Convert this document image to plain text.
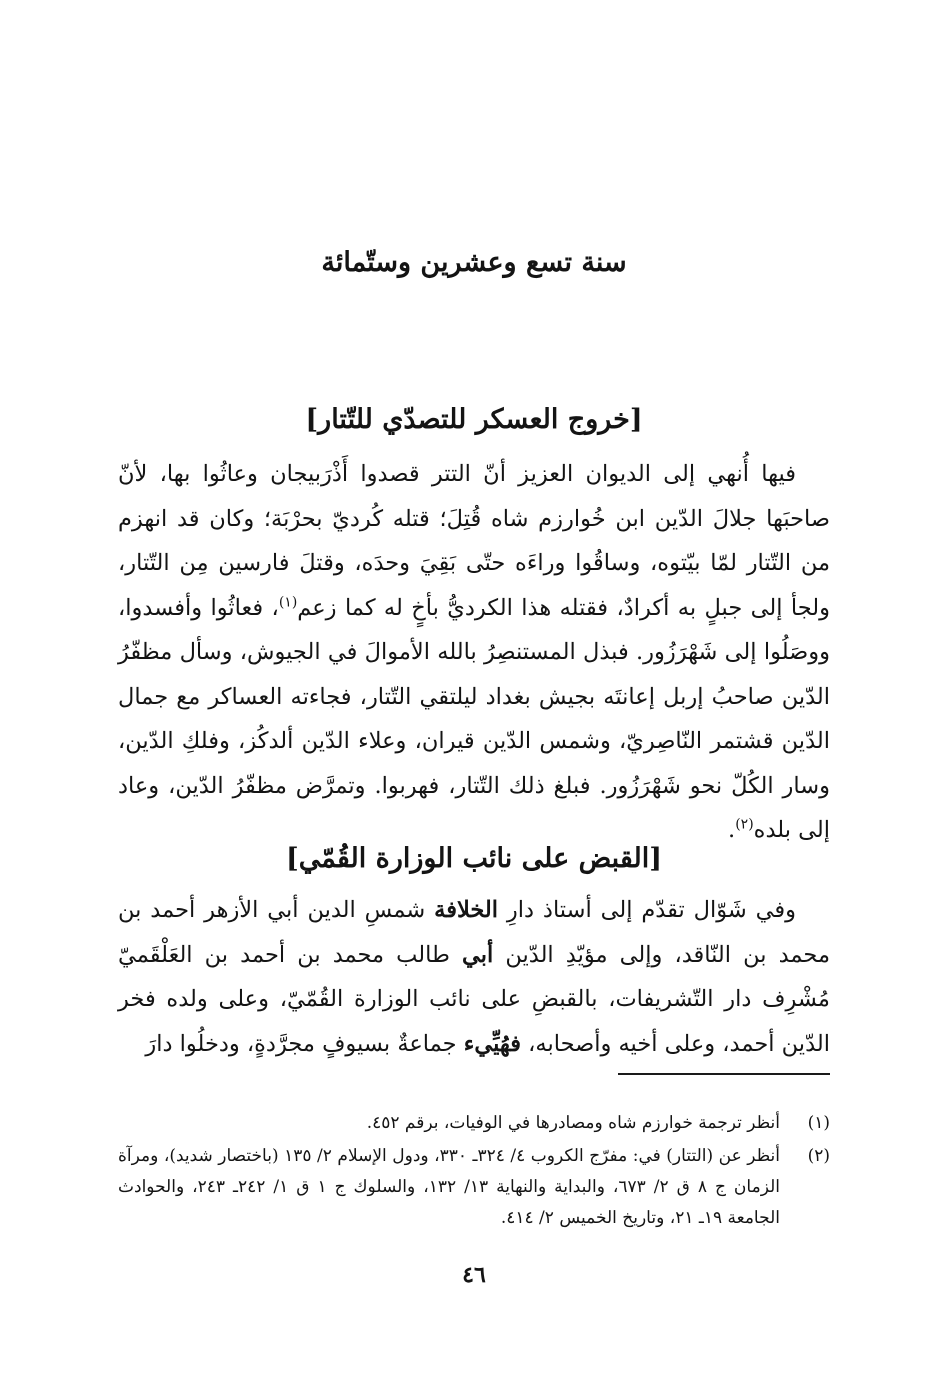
سنة تسع وعشرين وستّمائة
[خروج العسكر للتصدّي للتّتار]

فيها أُنهي إلى الديوان العزيز أنّ التتر قصدوا أَذْرَبيجان وعاثُوا بها، لأنّ صاحبَها جلالَ الدّين ابن خُوارزم شاه قُتِلَ؛ قتله كُرديّ بحرْبَة؛ وكان قد انهزم من التّتار لمّا بيّتوه، وساقُوا وراءَه حتّى بَقِيَ وحدَه، وقتلَ فارسين مِن التّتار، ولجأ إلى جبلٍ به أكرادٌ، فقتله هذا الكرديُّ بأخٍ له كما زعم$^{(١)}$، فعاثُوا وأفسدوا، ووصَلُوا إلى شَهْرَزُور. فبذل المستنصِرُ بالله الأموالَ في الجيوش، وسأل مظفّرُ الدّين صاحبُ إربل إعانتَه بجيش بغداد ليلتقي التّتار، فجاءته العساكر مع جمال الدّين قشتمر النّاصِريّ، وشمس الدّين قيران، وعلاء الدّين ألدكُز، وفلكِ الدّين، وسار الكُلّ نحو شَهْرَزُور. فبلغ ذلك التّتار، فهربوا. وتمرَّض مظفّرُ الدّين، وعاد إلى بلده$^{(٢)}$.

[القبض على نائب الوزارة القُمّي]

وفي شَوّال تقدّم إلى أستاذ دارِ الخلافة شمسِ الدين أبي الأزهر أحمد بن محمد بن النّاقد، وإلى مؤيّدِ الدّين أبي طالب محمد بن أحمد بن العَلْقَميّ مُشْرِف دار التّشريفات، بالقبضِ على نائب الوزارة القُمّيّ، وعلى ولده فخر الدّين أحمد، وعلى أخيه وأصحابه، فهُيِّيء جماعةٌ بسيوفٍ مجرَّدةٍ، ودخلُوا دارَ

(١)
أنظر ترجمة خوارزم شاه ومصادرها في الوفيات، برقم ٤٥٢.
(٢)
أنظر عن (التتار) في: مفرّج الكروب ٤/ ٣٢٤ـ ٣٣٠، ودول الإسلام ٢/ ١٣٥ (باختصار شديد)، ومرآة الزمان ج ٨ ق ٢/ ٦٧٣، والبداية والنهاية ١٣/ ١٣٢، والسلوك ج ١ ق ١/ ٢٤٢ـ ٢٤٣، والحوادث الجامعة ١٩ـ ٢١، وتاريخ الخميس ٢/ ٤١٤.
٤٦
